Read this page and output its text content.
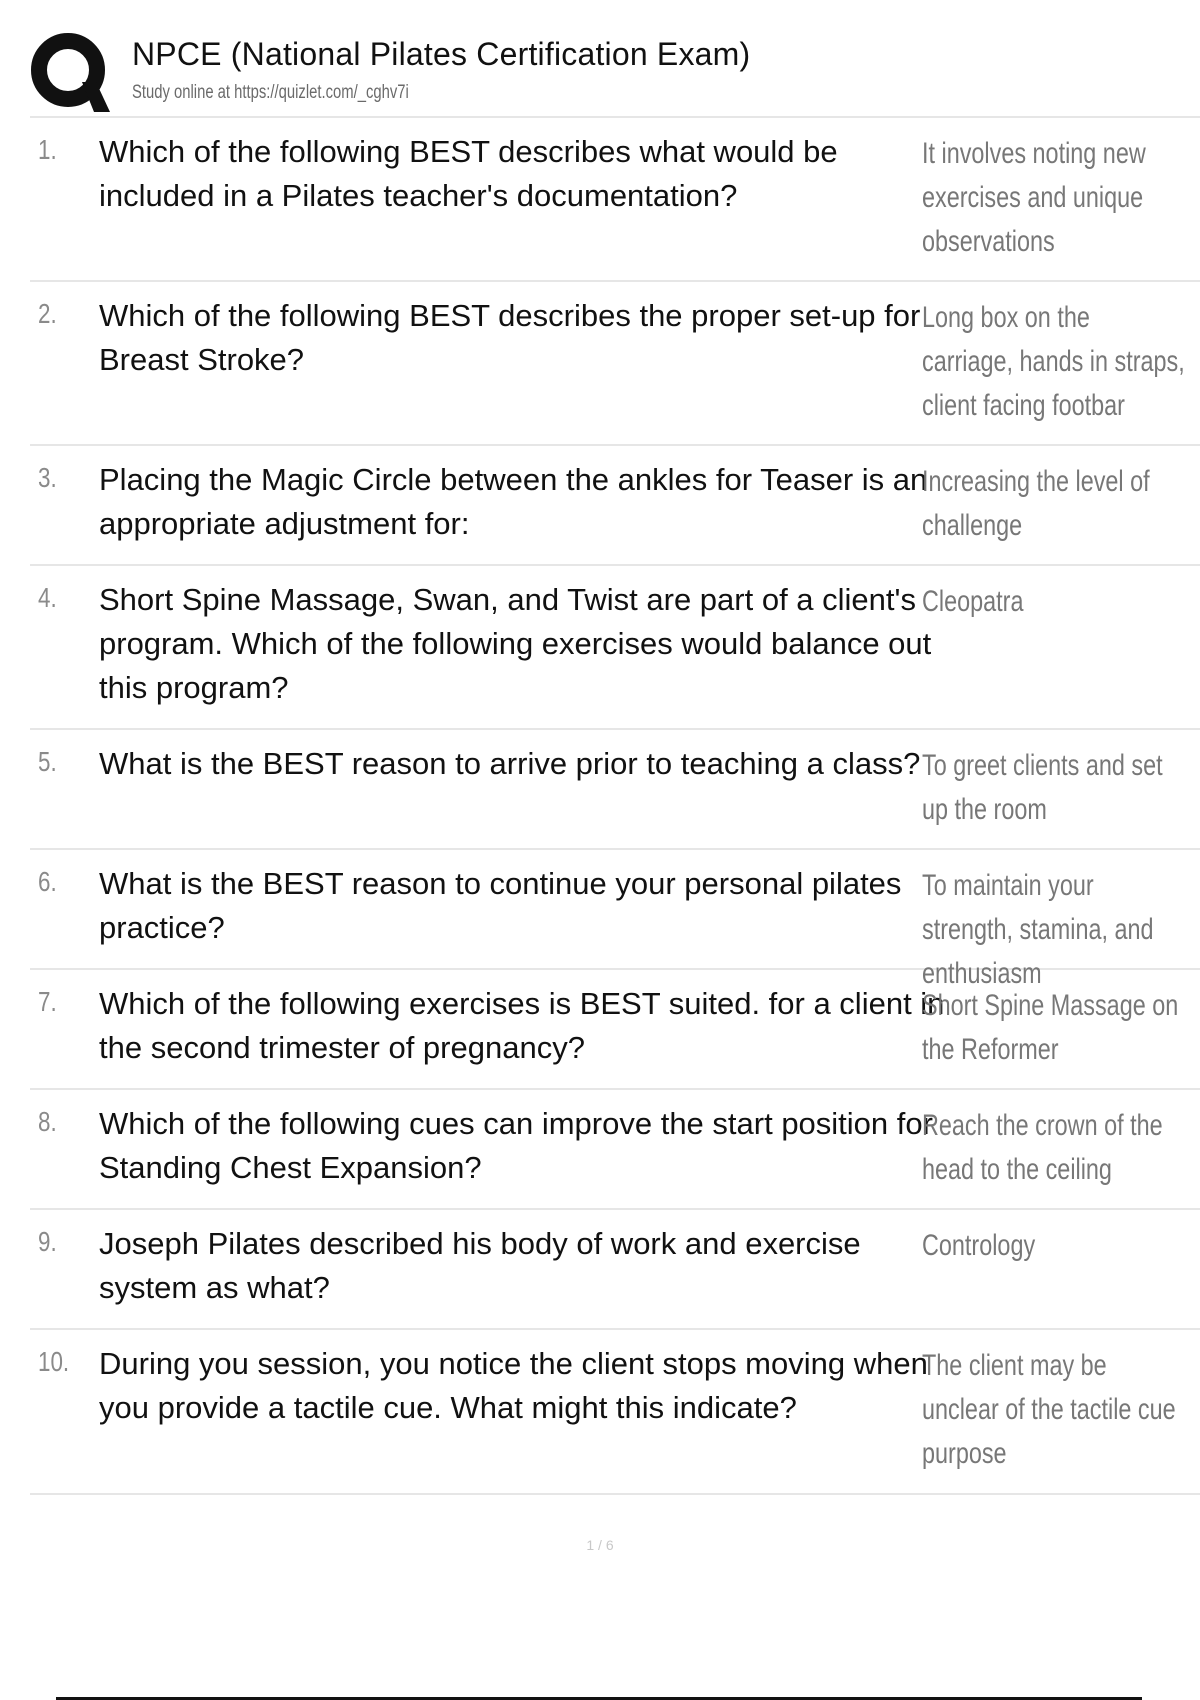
NPCE (National Pilates Certification Exam)
Study online at https://quizlet.com/_cghv7i
1. Which of the following BEST describes what would be included in a Pilates teacher's documentation?
It involves noting new exercises and unique observations
2. Which of the following BEST describes the proper set-up for Breast Stroke?
Long box on the carriage, hands in straps, client facing footbar
3. Placing the Magic Circle between the ankles for Teaser is an appropriate adjustment for:
Increasing the level of challenge
4. Short Spine Massage, Swan, and Twist are part of a client's program. Which of the following exercises would balance out this program?
Cleopatra
5. What is the BEST reason to arrive prior to teaching a class? To greet clients and set up the room
6. What is the BEST reason to continue your personal pilates practice?
To maintain your strength, stamina, and enthusiasm
7. Which of the following exercises is BEST suited. for a client in the second trimester of pregnancy?
Short Spine Massage on the Reformer
8. Which of the following cues can improve the start position for Standing Chest Expansion?
Reach the crown of the head to the ceiling
9. Joseph Pilates described his body of work and exercise system as what?
Contrology
10. During you session, you notice the client stops moving when you provide a tactile cue. What might this indicate?
The client may be unclear of the tactile cue purpose
1 / 6
